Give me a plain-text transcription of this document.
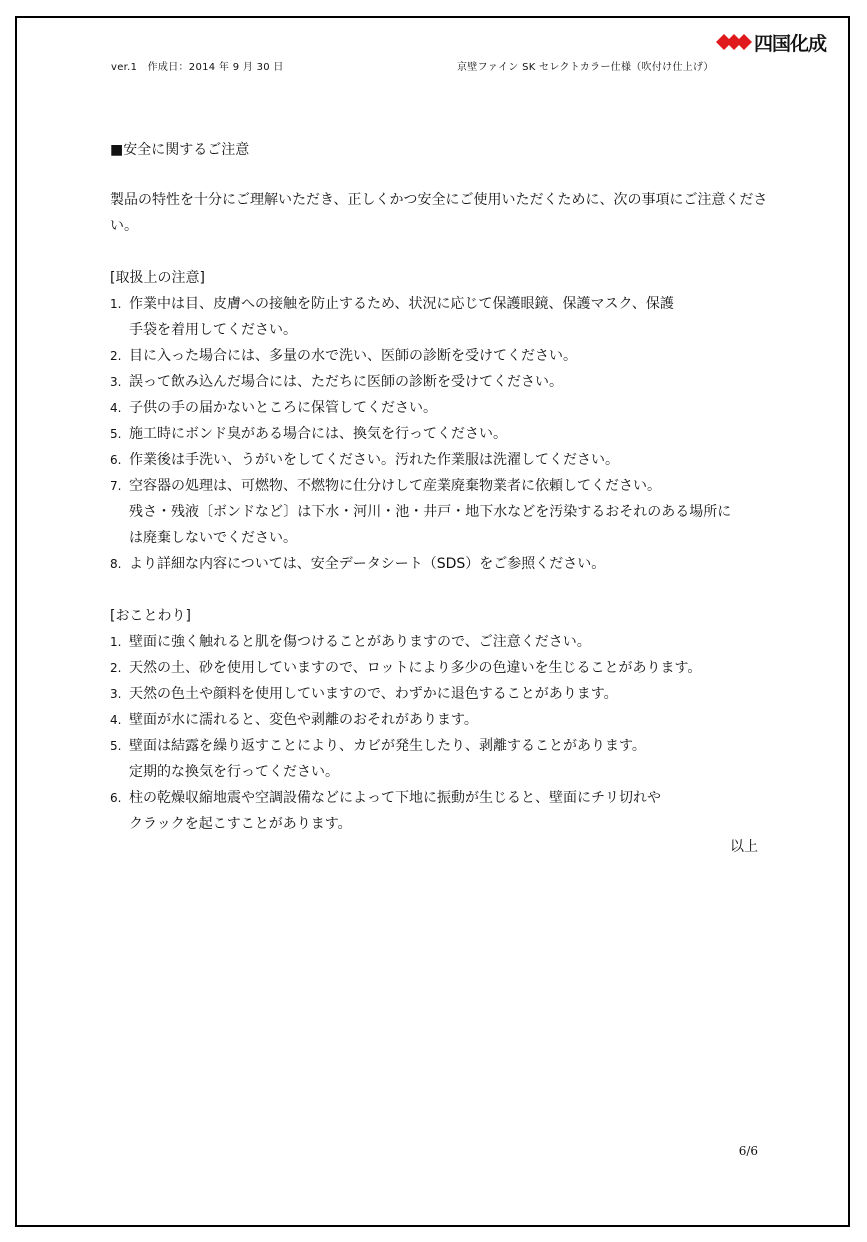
四国化成
ver.1　作成日：2014 年 9 月 30 日	京壁ファイン SK セレクトカラー仕様（吹付け仕上げ）
■安全に関するご注意

製品の特性を十分にご理解いただき、正しくかつ安全にご使用いただくために、次の事項にご注意ください。

[取扱上の注意]
1. 作業中は目、皮膚への接触を防止するため、状況に応じて保護眼鏡、保護マスク、保護
手袋を着用してください。
2. 目に入った場合には、多量の水で洗い、医師の診断を受けてください。
3. 誤って飲み込んだ場合には、ただちに医師の診断を受けてください。
4. 子供の手の届かないところに保管してください。
5. 施工時にボンド臭がある場合には、換気を行ってください。
6. 作業後は手洗い、うがいをしてください。汚れた作業服は洗濯してください。
7. 空容器の処理は、可燃物、不燃物に仕分けして産業廃棄物業者に依頼してください。
残さ・残液〔ボンドなど〕は下水・河川・池・井戸・地下水などを汚染するおそれのある場所に
は廃棄しないでください。
8. より詳細な内容については、安全データシート（SDS）をご参照ください。
[おことわり]
1. 壁面に強く触れると肌を傷つけることがありますので、ご注意ください。
2. 天然の土、砂を使用していますので、ロットにより多少の色違いを生じることがあります。
3. 天然の色土や顔料を使用していますので、わずかに退色することがあります。
4. 壁面が水に濡れると、変色や剥離のおそれがあります。
5. 壁面は結露を繰り返すことにより、カビが発生したり、剥離することがあります。
定期的な換気を行ってください。
6. 柱の乾燥収縮地震や空調設備などによって下地に振動が生じると、壁面にチリ切れや
クラックを起こすことがあります。
以上
6/6
